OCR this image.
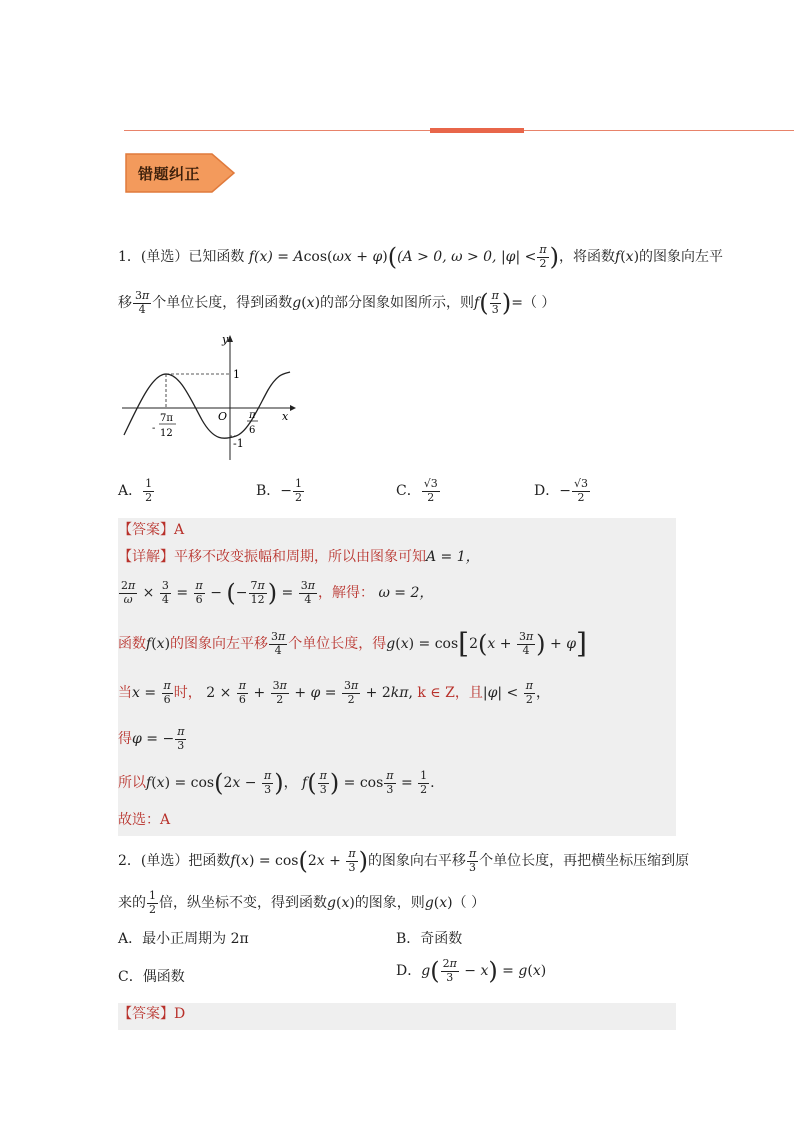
错题纠正
1．(单选）已知函数 f(x) = Acos(ωx + φ)((A > 0, ω > 0, $|\varphi| < \frac{\pi}{2}$ )，将函数f(x)的图象向左平
移 $\frac{3\pi}{4}$ 个单位长度，得到函数g(x)的部分图象如图所示，则$f( \frac{\pi}{3}$ )=（ ）
y
x
O
1
-1
-
7π
12
π
6
A． $\frac{1}{2}$	B．− $\frac{1}{2}$	C． $\frac{√3}{2}$	D．− $\frac{√3}{2}$
【答案】A
【详解】平移不改变振幅和周期，所以由图象可知A = 1，
$\frac{2\pi}{\omega} \times \frac{3}{4} = \frac{\pi}{6}$ − (− $\frac{7\pi}{12}$ ) = $\frac{3\pi}{4}$ ，解得： ω = 2，
函数f(x)的图象向左平移 $\frac{3\pi}{4}$ 个单位长度，得$g(x) = \cos[2(x + \frac{3\pi}{4}$ ) + φ]
当$x = \frac{\pi}{6}$ 时， $2 \times \frac{\pi}{6} + \frac{3\pi}{2} + \varphi = \frac{3\pi}{2} + 2k\pi$, k ∈ Z，且$|\varphi| < \frac{\pi}{2}$ ，
得φ = − $\frac{\pi}{3}$
所以$f(x) = \cos(2x - \frac{\pi}{3}$ )， $f( \frac{\pi}{3}$ ) = $\cos \frac{\pi}{3} = \frac{1}{2}$ .
故选：A
2．(单选）把函数$f(x) = \cos(2x + \frac{\pi}{3}$ )的图象向右平移 $\frac{\pi}{3}$ 个单位长度，再把横坐标压缩到原
来的 $\frac{1}{2}$ 倍，纵坐标不变，得到函数g(x)的图象，则g(x)（ ）
A．最小正周期为 2π	B．奇函数
C．偶函数	D．$g( \frac{2\pi}{3} - x) = g(x)$
【答案】D
